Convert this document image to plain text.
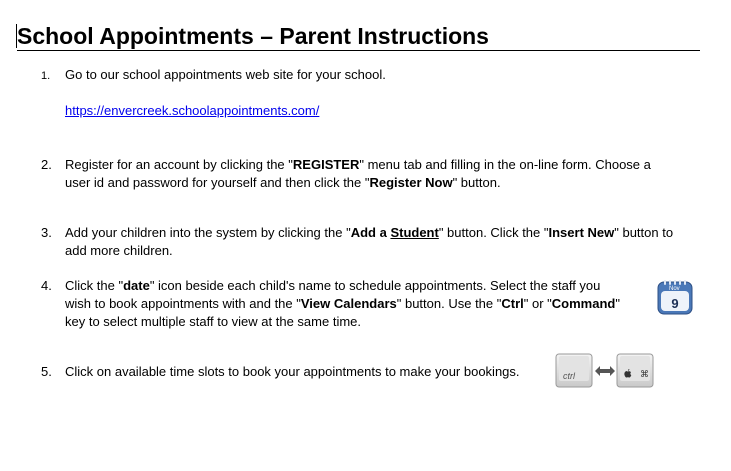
School Appointments – Parent Instructions
1. Go to our school appointments web site for your school.
https://envercreek.schoolappointments.com/
2. Register for an account by clicking the "REGISTER" menu tab and filling in the on-line form. Choose a
user id and password for yourself and then click the "Register Now" button.
3. Add your children into the system by clicking the "Add a Student" button. Click the "Insert New" button to
add more children.
4. Click the "date" icon beside each child's name to schedule appointments. Select the staff you
wish to book appointments with and the "View Calendars" button. Use the "Ctrl" or "Command"
key to select multiple staff to view at the same time.
Nov
9
5. Click on available time slots to book your appointments to make your bookings.	ctrl	⌘
